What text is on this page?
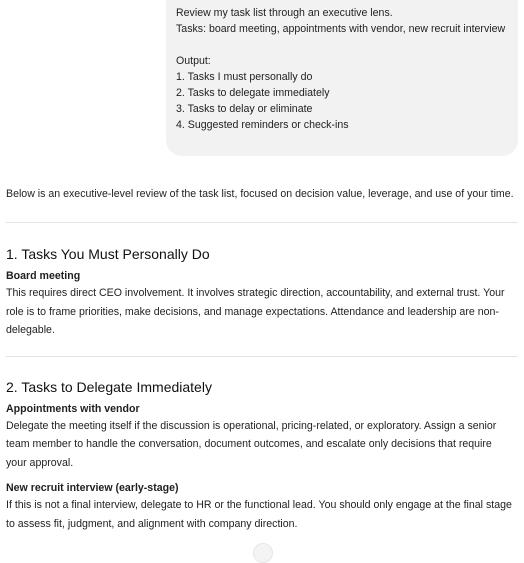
Review my task list through an executive lens.
Tasks: board meeting, appointments with vendor, new recruit interview
Output:
1. Tasks I must personally do
2. Tasks to delegate immediately
3. Tasks to delay or eliminate
4. Suggested reminders or check-ins
Below is an executive-level review of the task list, focused on decision value, leverage, and use of your time.
1. Tasks You Must Personally Do
Board meeting
This requires direct CEO involvement. It involves strategic direction, accountability, and external trust. Your
role is to frame priorities, make decisions, and manage expectations. Attendance and leadership are non-
delegable.
2. Tasks to Delegate Immediately
Appointments with vendor
Delegate the meeting itself if the discussion is operational, pricing-related, or exploratory. Assign a senior
team member to handle the conversation, document outcomes, and escalate only decisions that require
your approval.
New recruit interview (early-stage)
If this is not a final interview, delegate to HR or the functional lead. You should only engage at the final stage
to assess fit, judgment, and alignment with company direction.
